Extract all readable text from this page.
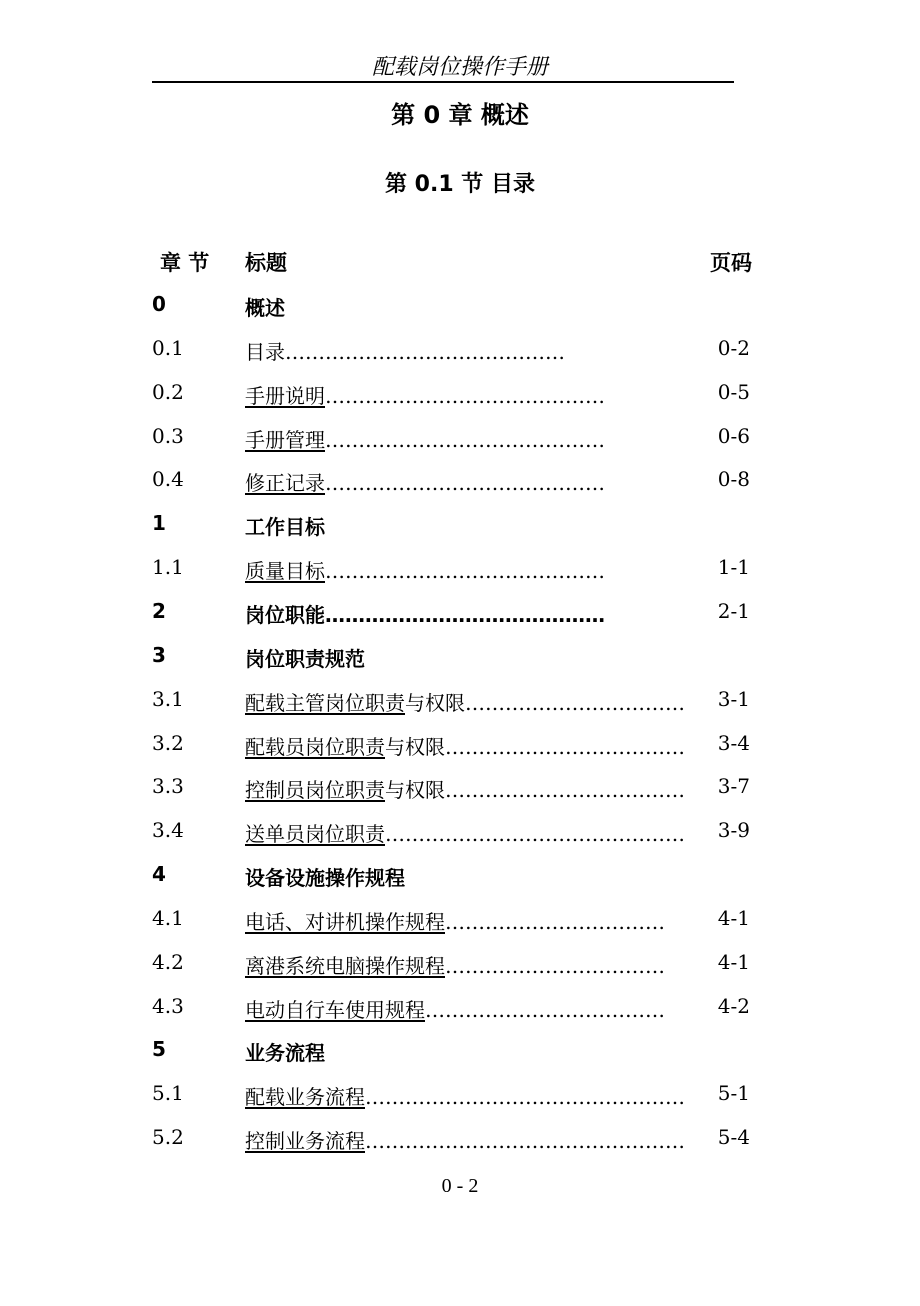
配载岗位操作手册
第 0 章 概述
第 0.1 节 目录
章 节 标题	页码
0	概述
0.1	目录……………………………………	0-2
0.2	手册说明……………………………………	0-5
0.3	手册管理……………………………………	0-6
0.4	修正记录……………………………………	0-8
1	工作目标
1.1	质量目标……………………………………	1-1
2	岗位职能……………………………………	2-1
3	岗位职责规范
3.1	配载主管岗位职责与权限……………………………	3-1
3.2	配载员岗位职责与权限………………………………	3-4
3.3	控制员岗位职责与权限………………………………	3-7
3.4	送单员岗位职责………………………………………	3-9
4	设备设施操作规程
4.1	电话、对讲机操作规程……………………………	4-1
4.2	离港系统电脑操作规程……………………………	4-1
4.3	电动自行车使用规程………………………………	4-2
5	业务流程
5.1	配载业务流程…………………………………………	5-1
5.2	控制业务流程…………………………………………	5-4
0 - 2
